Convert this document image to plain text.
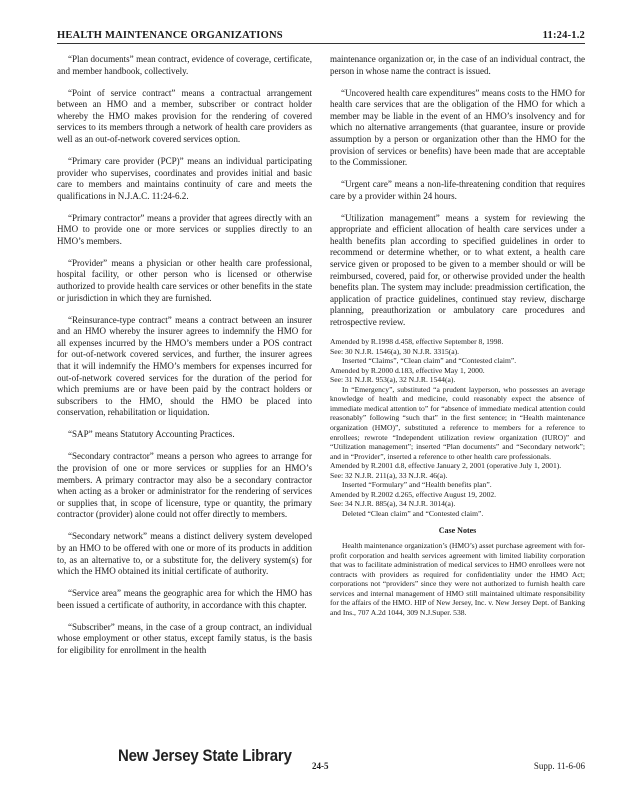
HEALTH MAINTENANCE ORGANIZATIONS	11:24-1.2

“Plan documents” mean contract, evidence of coverage, certificate, and member handbook, collectively.

“Point of service contract” means a contractual arrangement between an HMO and a member, subscriber or contract holder whereby the HMO makes provision for the rendering of covered services to its members through a network of health care providers as well as an out-of-network covered services option.

“Primary care provider (PCP)” means an individual participating provider who supervises, coordinates and provides initial and basic care to members and maintains continuity of care and meets the qualifications in N.J.A.C. 11:24-6.2.

“Primary contractor” means a provider that agrees directly with an HMO to provide one or more services or supplies directly to an HMO’s members.

“Provider” means a physician or other health care professional, hospital facility, or other person who is licensed or otherwise authorized to provide health care services or other benefits in the state or jurisdiction in which they are furnished.

“Reinsurance-type contract” means a contract between an insurer and an HMO whereby the insurer agrees to indemnify the HMO for all expenses incurred by the HMO’s members under a POS contract for out-of-network covered services, and further, the insurer agrees that it will indemnify the HMO’s members for expenses incurred for out-of-network covered services for the duration of the period for which premiums are or have been paid by the contract holders or subscribers to the HMO, should the HMO be placed into conservation, rehabilitation or liquidation.

“SAP” means Statutory Accounting Practices.

“Secondary contractor” means a person who agrees to arrange for the provision of one or more services or supplies for an HMO’s members. A primary contractor may also be a secondary contractor when acting as a broker or administrator for the rendering of services or supplies that, in scope of licensure, type or quantity, the primary contractor (provider) alone could not offer directly to members.

“Secondary network” means a distinct delivery system developed by an HMO to be offered with one or more of its products in addition to, as an alternative to, or a substitute for, the delivery system(s) for which the HMO obtained its initial certificate of authority.

“Service area” means the geographic area for which the HMO has been issued a certificate of authority, in accordance with this chapter.

“Subscriber” means, in the case of a group contract, an individual whose employment or other status, except family status, is the basis for eligibility for enrollment in the health

maintenance organization or, in the case of an individual contract, the person in whose name the contract is issued.

“Uncovered health care expenditures” means costs to the HMO for health care services that are the obligation of the HMO for which a member may be liable in the event of an HMO’s insolvency and for which no alternative arrangements (that guarantee, insure or provide assumption by a person or organization other than the HMO for the provision of services or benefits) have been made that are acceptable to the Commissioner.

“Urgent care” means a non-life-threatening condition that requires care by a provider within 24 hours.

“Utilization management” means a system for reviewing the appropriate and efficient allocation of health care services under a health benefits plan according to specified guidelines in order to recommend or determine whether, or to what extent, a health care service given or proposed to be given to a member should or will be reimbursed, covered, paid for, or otherwise provided under the health benefits plan. The system may include: preadmission certification, the application of practice guidelines, continued stay review, discharge planning, preauthorization or ambulatory care procedures and retrospective review.

Amended by R.1998 d.458, effective September 8, 1998.
See: 30 N.J.R. 1546(a), 30 N.J.R. 3315(a).
Inserted “Claims”, “Clean claim” and “Contested claim”.
Amended by R.2000 d.183, effective May 1, 2000.
See: 31 N.J.R. 953(a), 32 N.J.R. 1544(a).
In “Emergency”, substituted “a prudent layperson, who possesses an average knowledge of health and medicine, could reasonably expect the absence of immediate medical attention to” for “absence of immediate medical attention could reasonably” following “such that” in the first sentence; in “Health maintenance organization (HMO)”, substituted a reference to members for a reference to enrollees; rewrote “Independent utilization review organization (IURO)” and “Utilization management”; inserted “Plan documents” and “Secondary network”; and in “Provider”, inserted a reference to other health care professionals.
Amended by R.2001 d.8, effective January 2, 2001 (operative July 1, 2001).
See: 32 N.J.R. 211(a), 33 N.J.R. 46(a).
Inserted “Formulary” and “Health benefits plan”.
Amended by R.2002 d.265, effective August 19, 2002.
See: 34 N.J.R. 885(a), 34 N.J.R. 3014(a).
Deleted “Clean claim” and “Contested claim”.
Case Notes
Health maintenance organization’s (HMO’s) asset purchase agreement with for-profit corporation and health services agreement with limited liability corporation that was to facilitate administration of medical services to HMO enrollees were not contracts with providers as required for confidentiality under the HMO Act; corporations not “providers” since they were not authorized to furnish health care services and internal management of HMO still maintained ultimate responsibility for the affairs of the HMO. HIP of New Jersey, Inc. v. New Jersey Dept. of Banking and Ins., 707 A.2d 1044, 309 N.J.Super. 538.
New Jersey State Library
24-5	Supp. 11-6-06
